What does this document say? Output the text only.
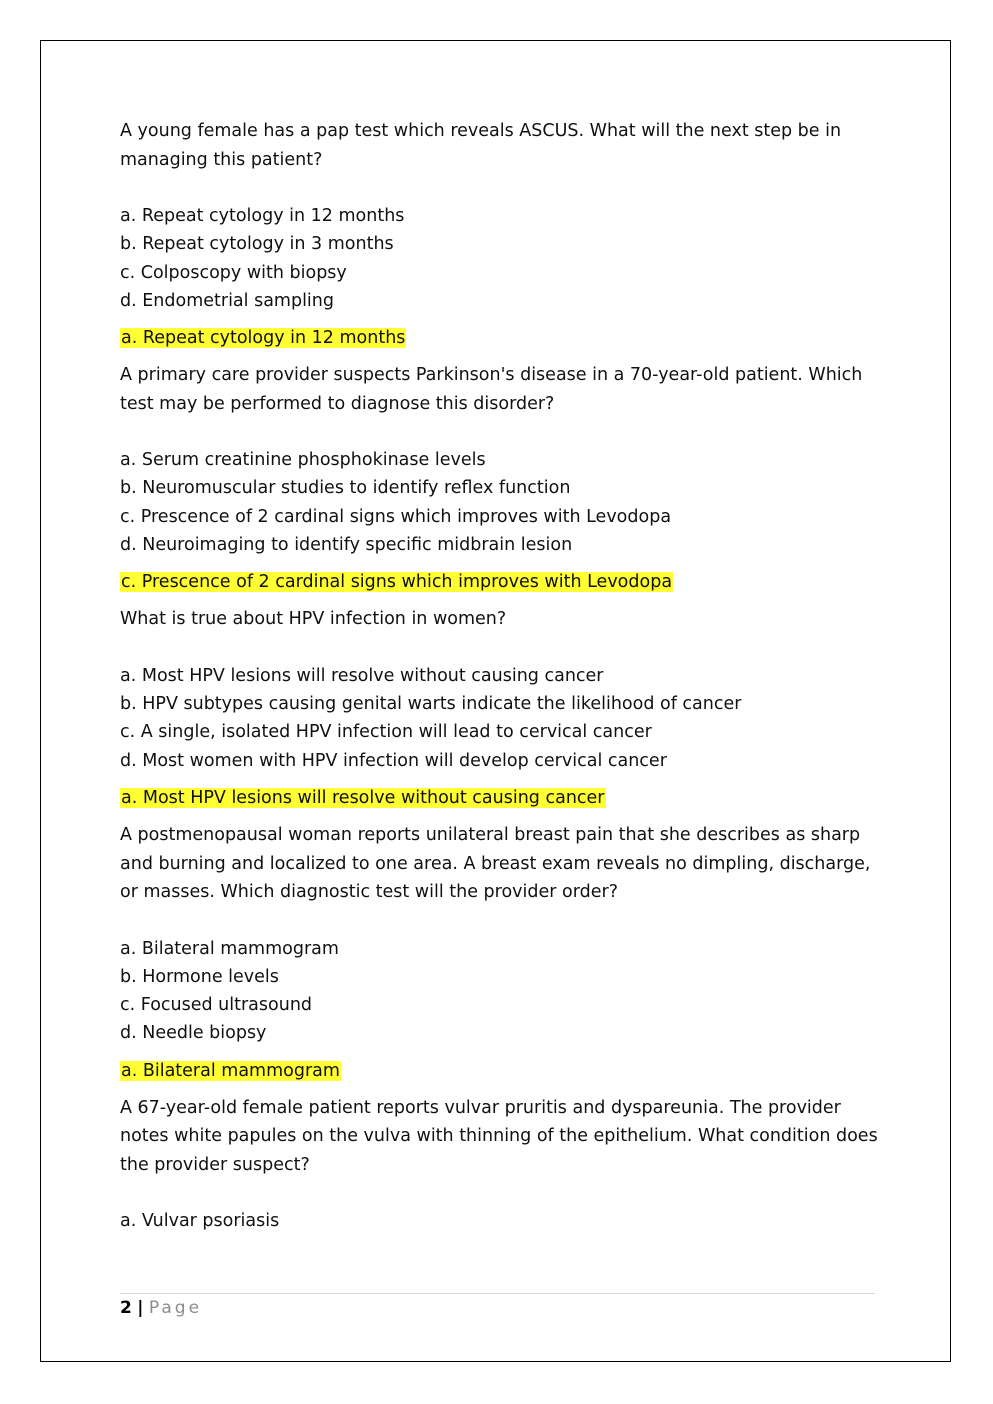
A young female has a pap test which reveals ASCUS. What will the next step be in managing this patient?

a. Repeat cytology in 12 months

b. Repeat cytology in 3 months

c. Colposcopy with biopsy

d. Endometrial sampling

a. Repeat cytology in 12 months

A primary care provider suspects Parkinson's disease in a 70-year-old patient. Which test may be performed to diagnose this disorder?

a. Serum creatinine phosphokinase levels

b. Neuromuscular studies to identify reflex function

c. Prescence of 2 cardinal signs which improves with Levodopa

d. Neuroimaging to identify specific midbrain lesion

c. Prescence of 2 cardinal signs which improves with Levodopa

What is true about HPV infection in women?

a. Most HPV lesions will resolve without causing cancer

b. HPV subtypes causing genital warts indicate the likelihood of cancer

c. A single, isolated HPV infection will lead to cervical cancer

d. Most women with HPV infection will develop cervical cancer

a. Most HPV lesions will resolve without causing cancer

A postmenopausal woman reports unilateral breast pain that she describes as sharp and burning and localized to one area. A breast exam reveals no dimpling, discharge, or masses. Which diagnostic test will the provider order?

a. Bilateral mammogram

b. Hormone levels

c. Focused ultrasound

d. Needle biopsy

a. Bilateral mammogram

A 67-year-old female patient reports vulvar pruritis and dyspareunia. The provider notes white papules on the vulva with thinning of the epithelium. What condition does the provider suspect?

a. Vulvar psoriasis

2 | Page
